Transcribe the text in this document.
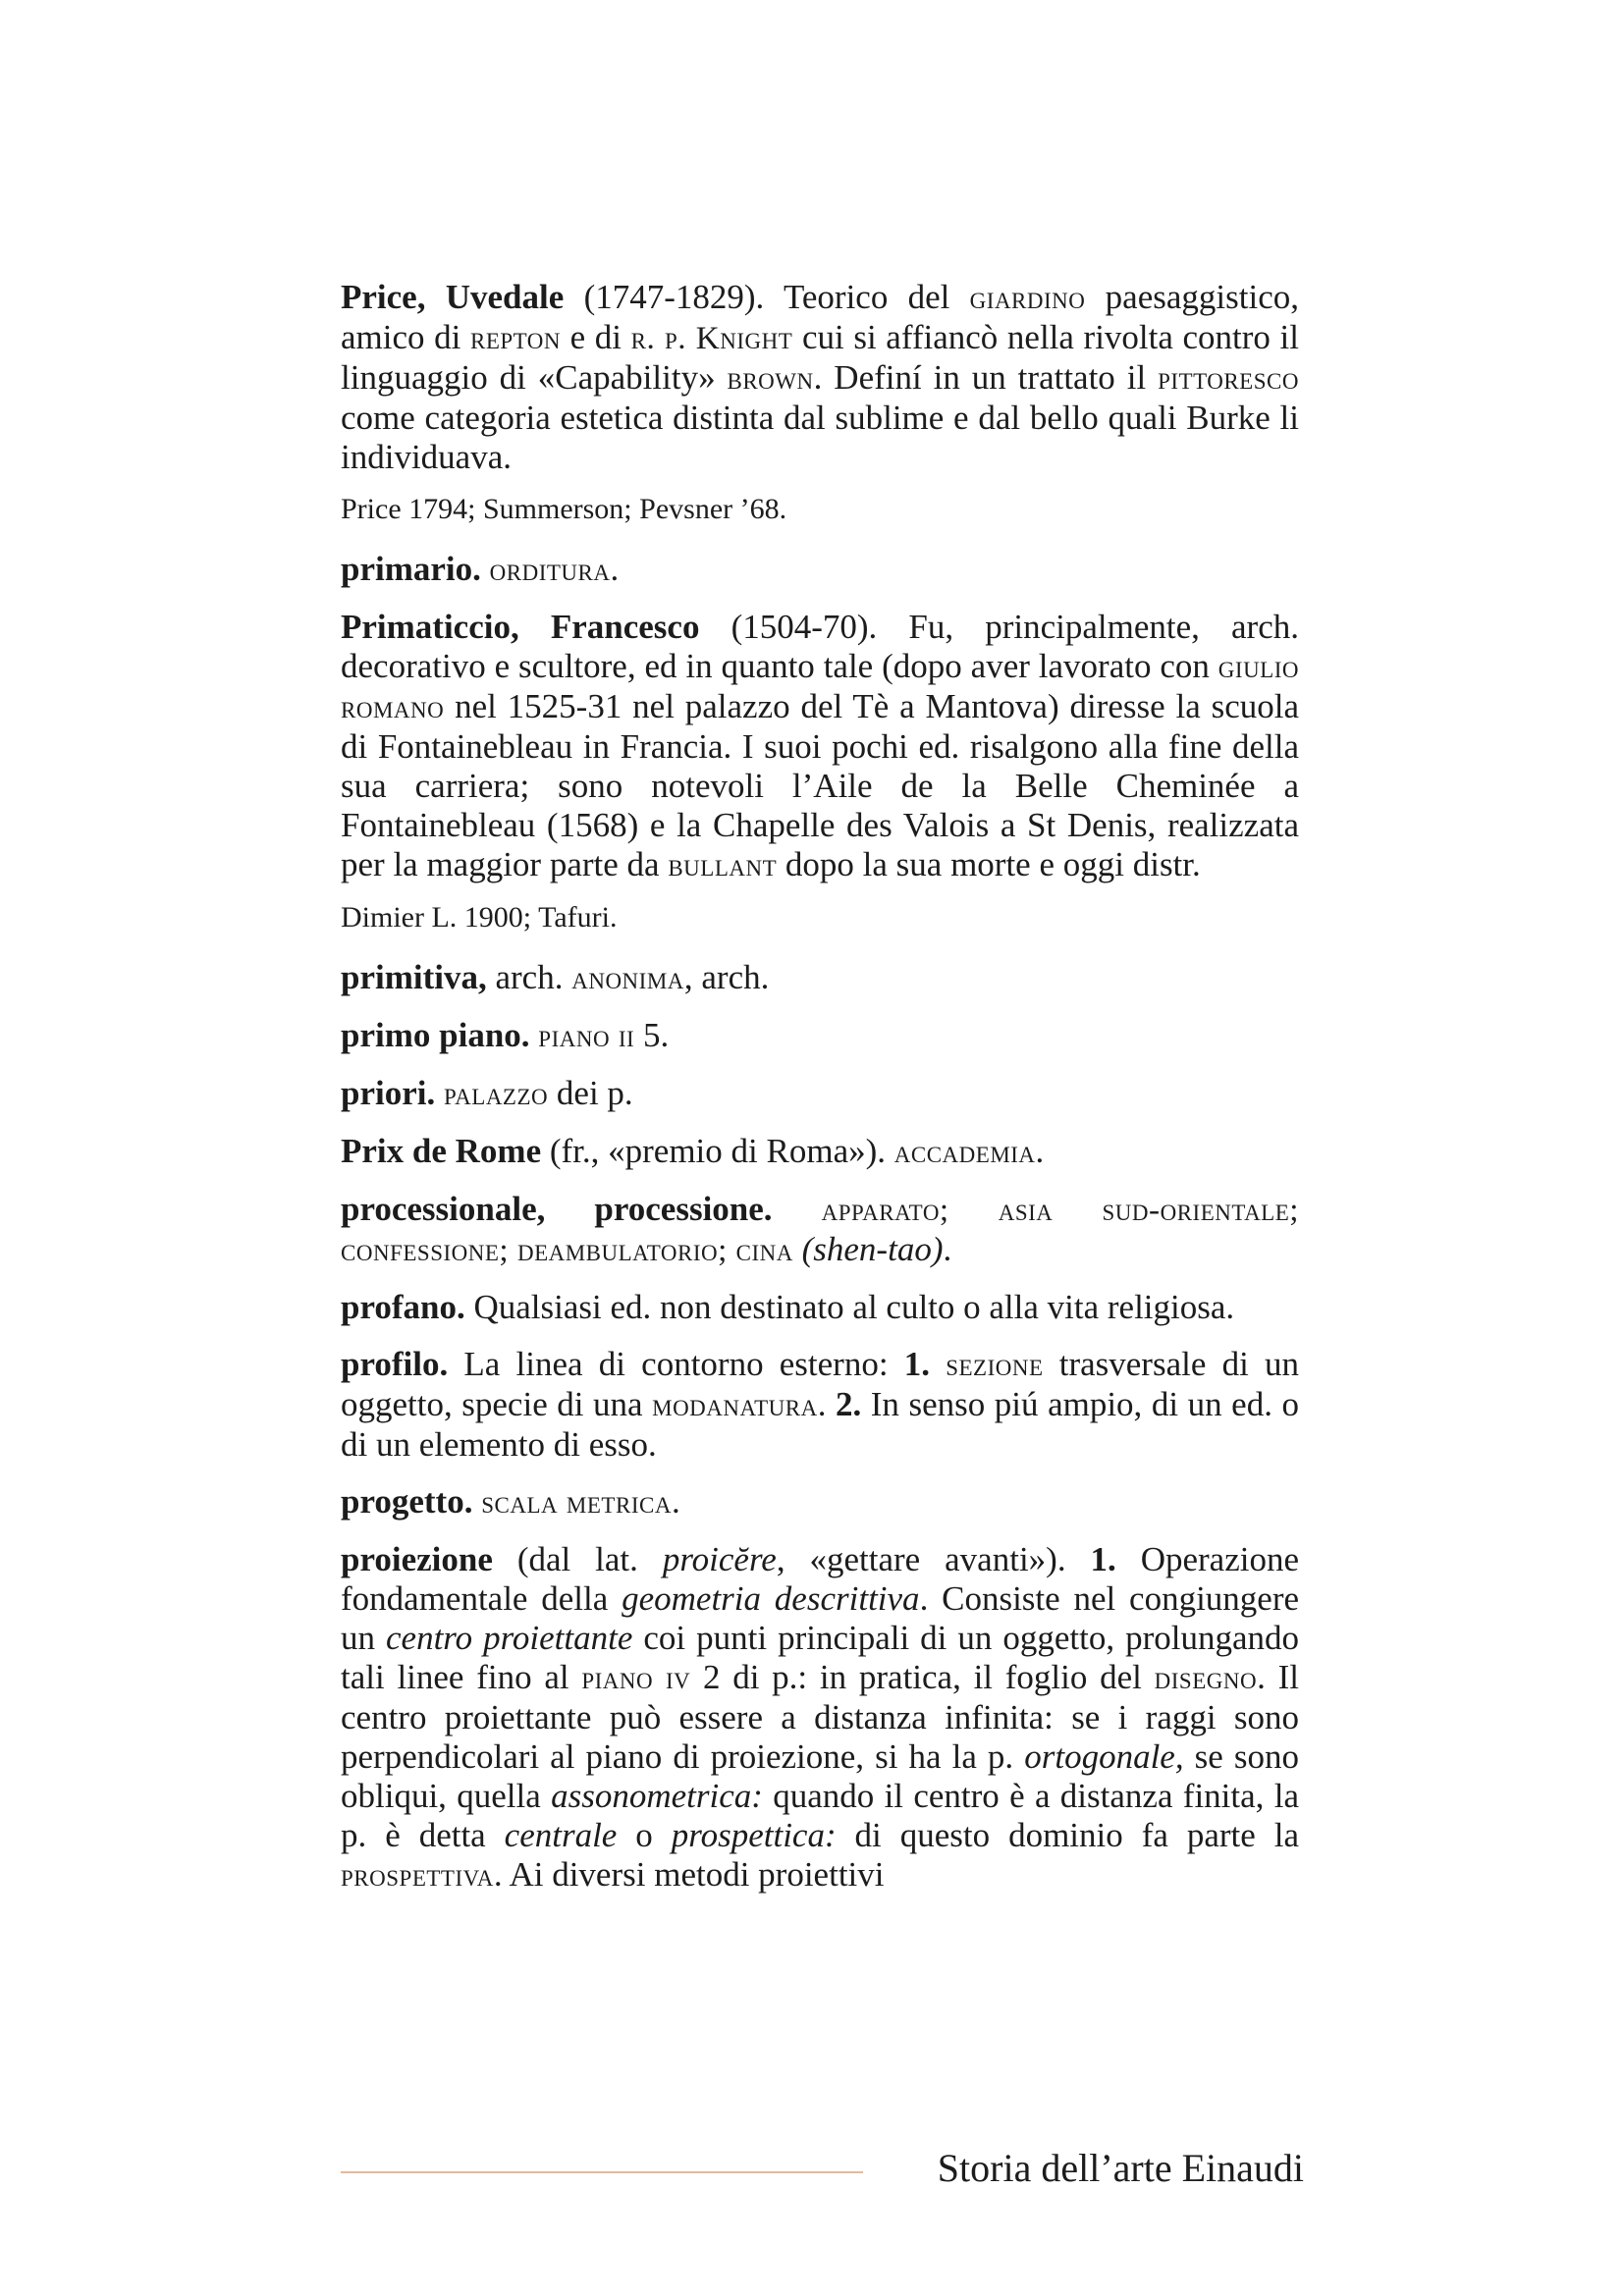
Price, Uvedale (1747-1829). Teorico del giardino paesaggistico, amico di repton e di r. p. Knight cui si affiancò nella rivolta contro il linguaggio di «Capability» brown. Definí in un trattato il pittoresco come categoria estetica distinta dal sublime e dal bello quali Burke li individuava.

Price 1794; Summerson; Pevsner ’68.

primario. orditura.

Primaticcio, Francesco (1504-70). Fu, principalmente, arch. decorativo e scultore, ed in quanto tale (dopo aver lavorato con giulio romano nel 1525-31 nel palazzo del Tè a Mantova) diresse la scuola di Fontainebleau in Francia. I suoi pochi ed. risalgono alla fine della sua carriera; sono notevoli l’Aile de la Belle Cheminée a Fontainebleau (1568) e la Chapelle des Valois a St Denis, realizzata per la maggior parte da bullant dopo la sua morte e oggi distr.

Dimier L. 1900; Tafuri.

primitiva, arch. anonima, arch.

primo piano. piano ii 5.

priori. palazzo dei p.

Prix de Rome (fr., «premio di Roma»). accademia.

processionale, processione. apparato; asia sud-orientale; confessione; deambulatorio; cina (shen-tao).

profano. Qualsiasi ed. non destinato al culto o alla vita religiosa.

profilo. La linea di contorno esterno: 1. sezione trasversale di un oggetto, specie di una modanatura. 2. In senso piú ampio, di un ed. o di un elemento di esso.

progetto. scala metrica.

proiezione (dal lat. proicĕre, «gettare avanti»). 1. Operazione fondamentale della geometria descrittiva. Consiste nel congiungere un centro proiettante coi punti principali di un oggetto, prolungando tali linee fino al piano iv 2 di p.: in pratica, il foglio del disegno. Il centro proiettante può essere a distanza infinita: se i raggi sono perpendicolari al piano di proiezione, si ha la p. ortogonale, se sono obliqui, quella assonometrica: quando il centro è a distanza finita, la p. è detta centrale o prospettica: di questo dominio fa parte la prospettiva. Ai diversi metodi proiettivi

Storia dell’arte Einaudi
